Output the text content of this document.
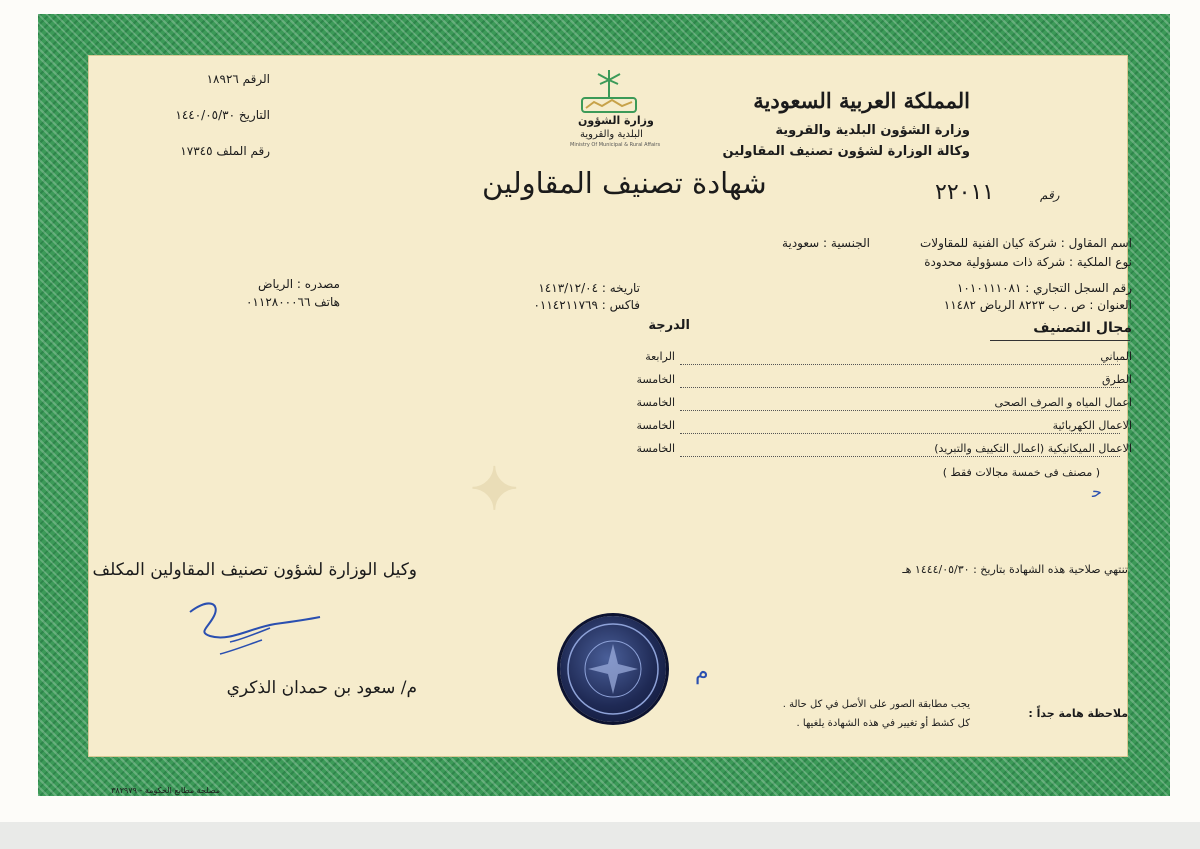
✦
المملكة العربية السعودية
وزارة الشؤون البلدية والقروية
وكالة الوزارة لشؤون تصنيف المقاولين
رقم
٢٢٠١١
وزارة الشؤون
البلدية والقروية
Ministry Of Municipal & Rural Affairs
الرقم ١٨٩٢٦
التاريخ ١٤٤٠/٠٥/٣٠
رقم الملف ١٧٣٤٥
شهادة تصنيف المقاولين
اسم المقاول : شركة كيان الفنية للمقاولات
الجنسية : سعودية
نوع الملكية : شركة ذات مسؤولية محدودة
رقم السجل التجاري : ١٠١٠١١١٠٨١
تاريخه : ١٤١٣/١٢/٠٤
مصدره : الرياض
العنوان : ص . ب ٨٢٢٣ الرياض ١١٤٨٢
فاكس : ٠١١٤٢١١٧٦٩
هاتف ٠١١٢٨٠٠٠٦٦
مجال التصنيف
الدرجة
المباني
الرابعة
الطرق
الخامسة
اعمال المياه و الصرف الصحى
الخامسة
الاعمال الكهربائية
الخامسة
الاعمال الميكانيكية (اعمال التكييف والتبريد)
الخامسة
( مصنف فى خمسة مجالات فقط )
ﺣ
تنتهي صلاحية هذه الشهادة بتاريخ : ١٤٤٤/٠٥/٣٠ هـ
وكيل الوزارة لشؤون تصنيف المقاولين المكلف
م/ سعود بن حمدان الذكري
ﻡ
ملاحظة هامة جداً :
يجب مطابقة الصور على الأصل في كل حالة .
كل كشط أو تغيير في هذه الشهادة يلغيها .
مصلحة مطابع الحكومة - ٣٨٢٩٧٩
